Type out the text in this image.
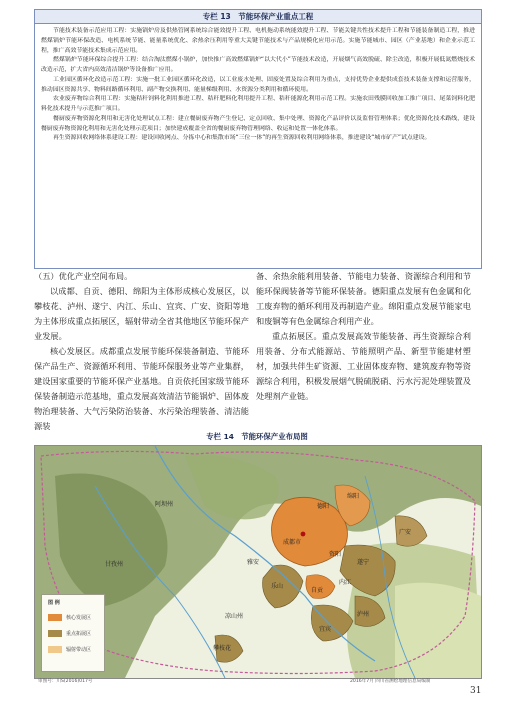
专栏 13　节能环保产业重点工程

节能技术装备示范应用工程：实施锅炉房及供热管网系统综合能效提升工程、电机拖动系统能效提升工程、节能关键共性技术提升工程和节能装备制造工程，推进燃煤锅炉节能环保改造、电机系统节能、能量系统优化、余热余压利用等重大关键节能技术与产品规模化应用示范。实施节能城市、园区（产业基地）和企业示范工程，推广高效节能技术集成示范应用。

燃煤锅炉节能环保综合提升工程：结合淘汰燃煤小锅炉，加快推广高效燃煤锅炉“以大代小”节能技术改造，开展烟气高效脱硫、除尘改造，积极开展低氮燃烧技术改造示范，扩大省内高效清洁锅炉等设备推广应用。

工业园区循环化改造示范工程：实施一批工业园区循环化改造，以工业废水处理、固废处置及综合利用为重点，支持优势企业提供成套技术装备支撑和运营服务，推动园区资源共享、物料间路循环利用、副产物交换利用、能量梯级利用、水资源分类利用和循环使用。

农业废弃物综合利用工程：实施秸秆饲料化利用推进工程、秸秆肥料化利用提升工程、秸秆能源化利用示范工程。实施农田残膜回收加工推广项目、尾菜饲料化肥料化技术提升与示范推广项目。

餐厨废弃物资源化利用和无害化处理试点工程：建立餐厨废弃物产生登记、定点回收、集中处理、资源化产品评价以及监督管理体系；优化资源化技术路线，建设餐厨废弃物资源化利用和无害化处理示范项目；加快建成覆盖全省的餐厨废弃物管理网络、收运和处置一体化体系。

再生资源回收网络体系建设工程：建设回收网点、分拣中心和集散市场“三位一体”的再生资源回收利用网络体系，推进建设“城市矿产”试点建设。

（五）优化产业空间布局。

以成都、自贡、德阳、绵阳为主体形成核心发展区，以攀枝花、泸州、遂宁、内江、乐山、宜宾、广安、资阳等地为主体形成重点拓展区，辐射带动全省其他地区节能环保产业发展。

核心发展区。成都重点发展节能环保装备制造、节能环保产品生产、资源循环利用、节能环保服务业等产业集群，建设国家重要的节能环保产业基地。自贡依托国家级节能环保装备制造示范基地，重点发展高效清洁节能锅炉、固体废物治理装备、大气污染防治装备、水污染治理装备、清洁能源装

备、余热余能利用装备、节能电力装备、资源综合利用和节能环保阀装备等节能环保装备。德阳重点发展有色金属和化工废弃物的循环利用及再制造产业。绵阳重点发展节能家电和废铜等有色金属综合利用产业。

重点拓展区。重点发展高效节能装备、再生资源综合利用装备、分布式能源站、节能照明产品、新型节能建材塑材，加强共伴生矿资源、工业固体废弃物、建筑废弃物等资源综合利用，积极发展烟气脱硫脱硝、污水污泥处理装置及处理剂产业链。

专栏 14　节能环保产业布局图
成都市
阿坝州
甘孜州
德阳
绵阳
自贡
泸州
宜宾
乐山
攀枝花
广安
遂宁
内江
资阳
雅安
凉山州
图 例
核心发展区
重点拓展区
辐射带动区
审图号：川S(2016)017号	2016年7月 四川省测绘地理信息局编制
31
